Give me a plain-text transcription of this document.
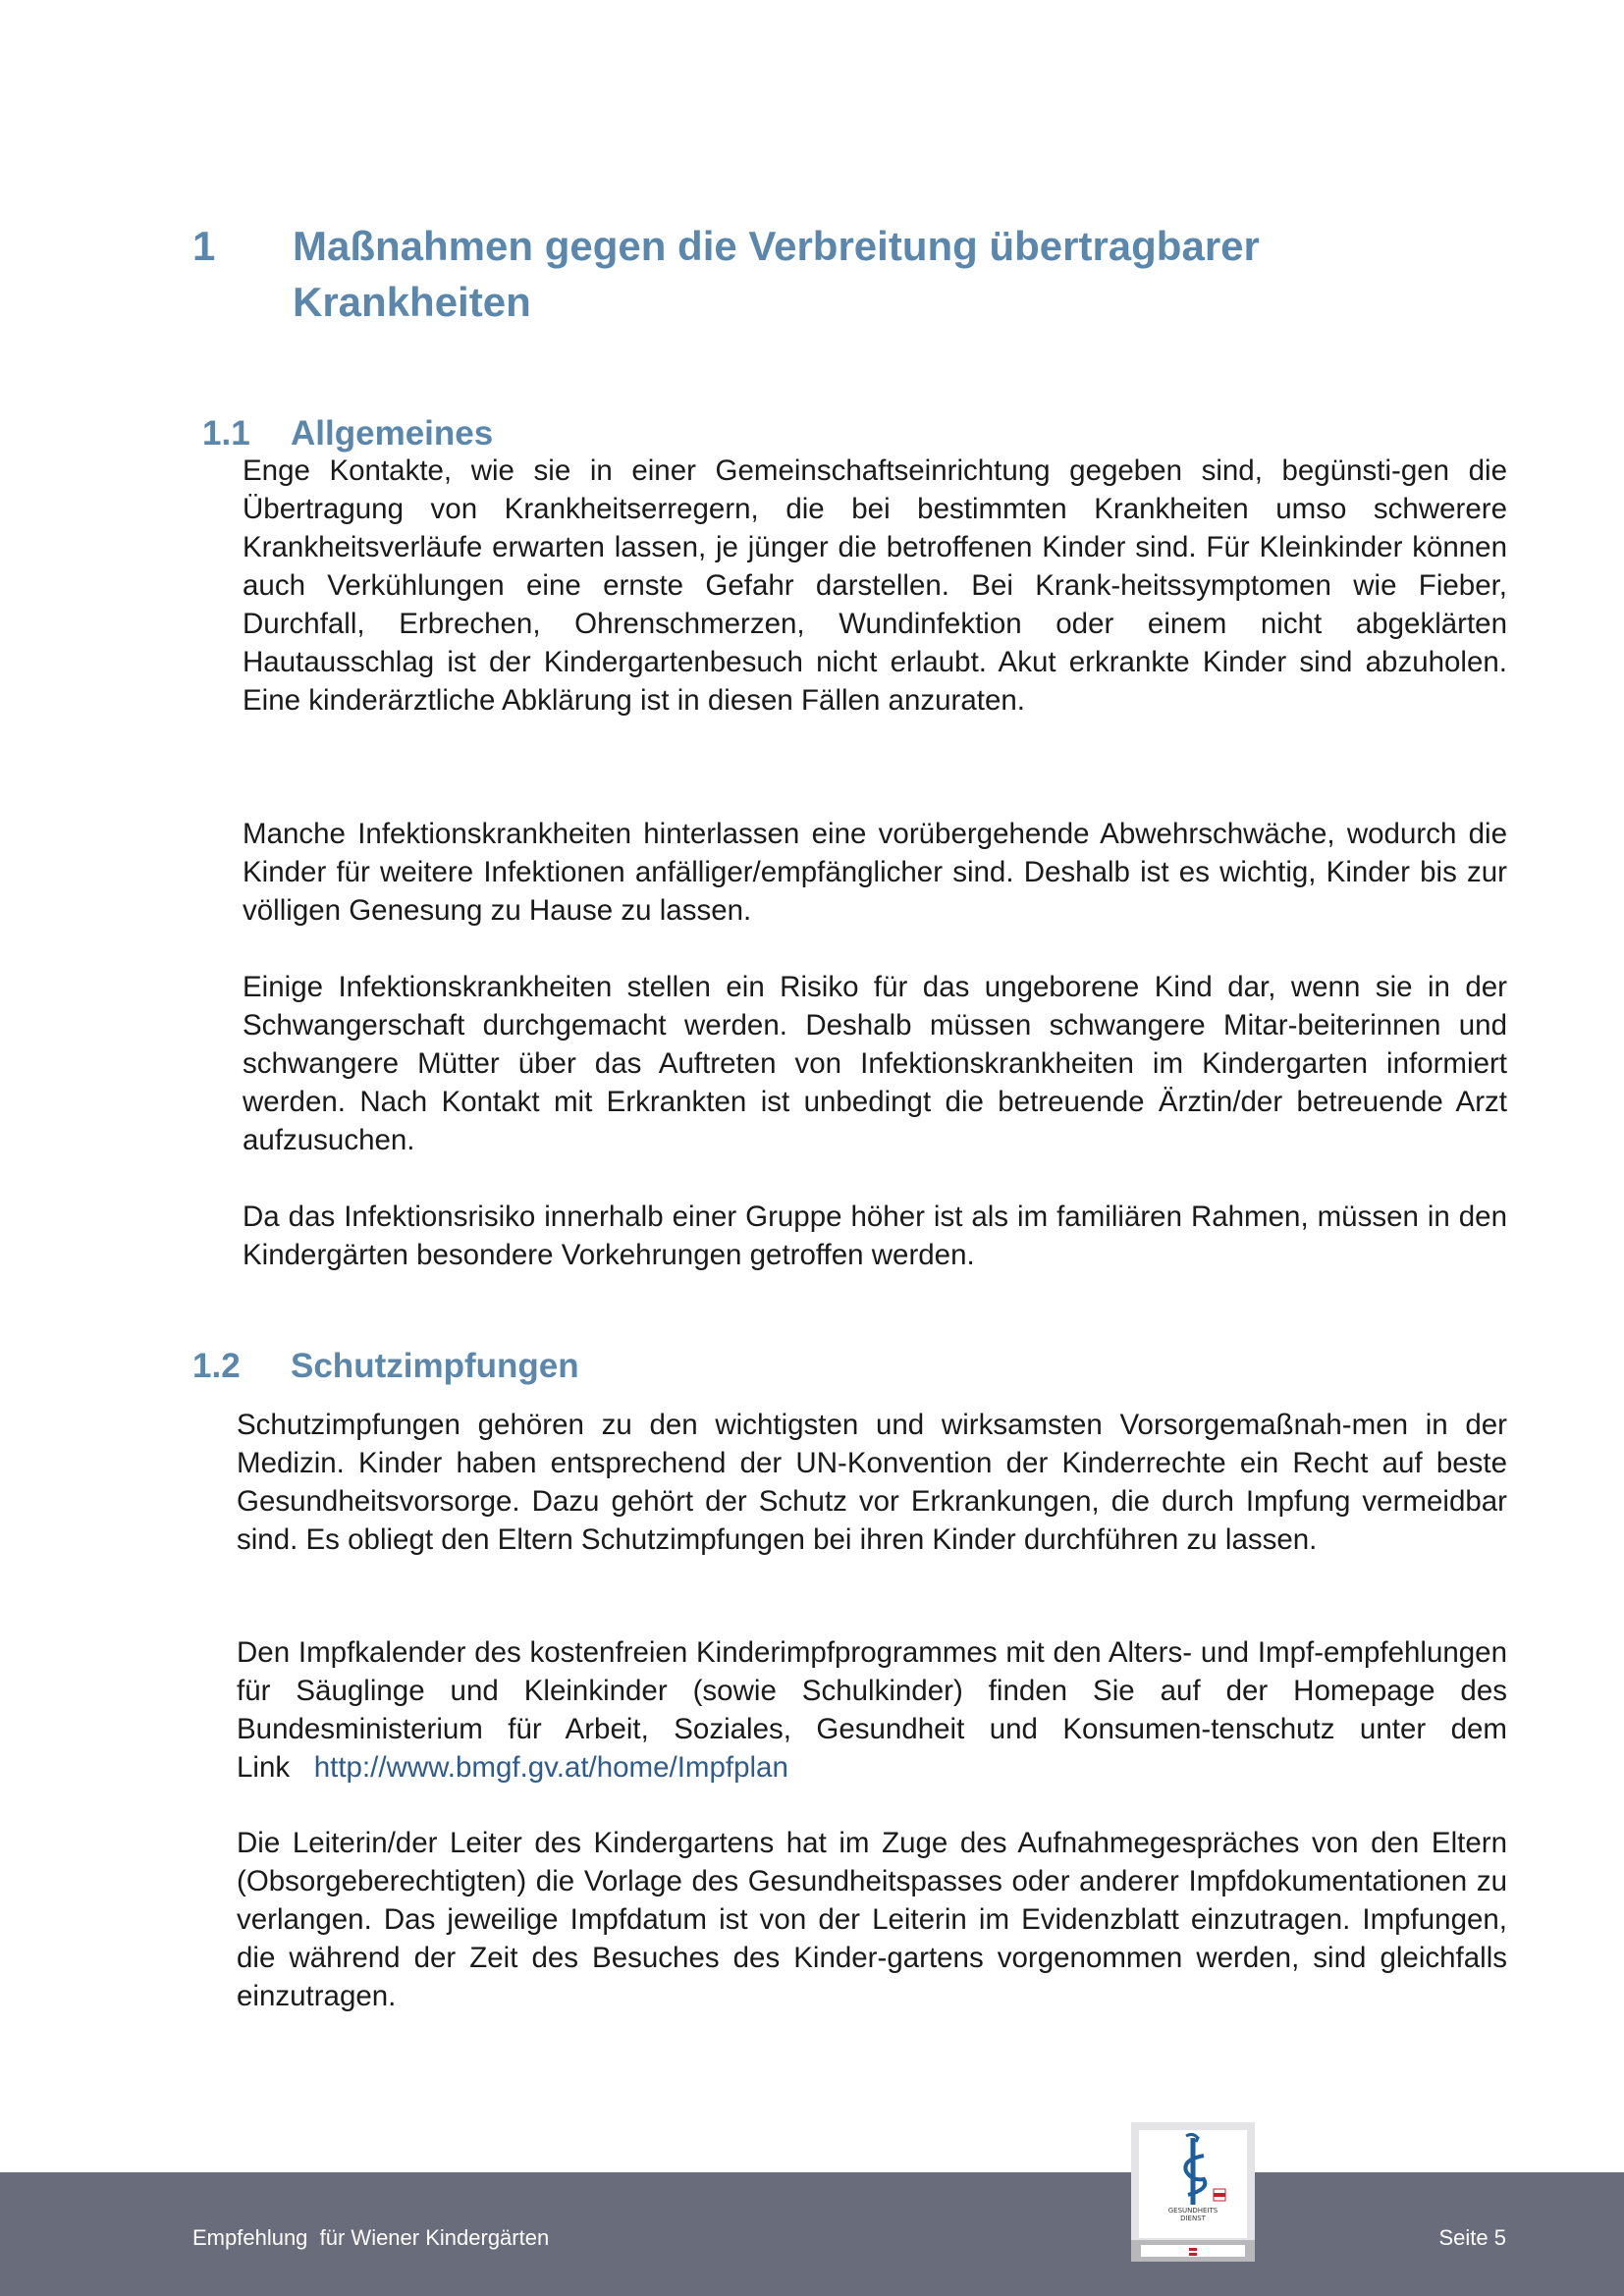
1 Maßnahmen gegen die Verbreitung übertragbarer Krankheiten
1.1 Allgemeines

Enge Kontakte, wie sie in einer Gemeinschaftseinrichtung gegeben sind, begünsti-gen die Übertragung von Krankheitserregern, die bei bestimmten Krankheiten umso schwerere Krankheitsverläufe erwarten lassen, je jünger die betroffenen Kinder sind. Für Kleinkinder können auch Verkühlungen eine ernste Gefahr darstellen. Bei Krank-heitssymptomen wie Fieber, Durchfall, Erbrechen, Ohrenschmerzen, Wundinfektion oder einem nicht abgeklärten Hautausschlag ist der Kindergartenbesuch nicht erlaubt. Akut erkrankte Kinder sind abzuholen. Eine kinderärztliche Abklärung ist in diesen Fällen anzuraten.

Manche Infektionskrankheiten hinterlassen eine vorübergehende Abwehrschwäche, wodurch die Kinder für weitere Infektionen anfälliger/empfänglicher sind. Deshalb ist es wichtig, Kinder bis zur völligen Genesung zu Hause zu lassen.

Einige Infektionskrankheiten stellen ein Risiko für das ungeborene Kind dar, wenn sie in der Schwangerschaft durchgemacht werden. Deshalb müssen schwangere Mitar-beiterinnen und schwangere Mütter über das Auftreten von Infektionskrankheiten im Kindergarten informiert werden. Nach Kontakt mit Erkrankten ist unbedingt die betreuende Ärztin/der betreuende Arzt aufzusuchen.

Da das Infektionsrisiko innerhalb einer Gruppe höher ist als im familiären Rahmen, müssen in den Kindergärten besondere Vorkehrungen getroffen werden.

1.2 Schutzimpfungen

Schutzimpfungen gehören zu den wichtigsten und wirksamsten Vorsorgemaßnah-men in der Medizin. Kinder haben entsprechend der UN-Konvention der Kinderrechte ein Recht auf beste Gesundheitsvorsorge. Dazu gehört der Schutz vor Erkrankungen, die durch Impfung vermeidbar sind. Es obliegt den Eltern Schutzimpfungen bei ihren Kinder durchführen zu lassen.

Den Impfkalender des kostenfreien Kinderimpfprogrammes mit den Alters- und Impf-empfehlungen für Säuglinge und Kleinkinder (sowie Schulkinder) finden Sie auf der Homepage des Bundesministerium für Arbeit, Soziales, Gesundheit und Konsumen-tenschutz unter dem Link http://www.bmgf.gv.at/home/Impfplan

Die Leiterin/der Leiter des Kindergartens hat im Zuge des Aufnahmegespräches von den Eltern (Obsorgeberechtigten) die Vorlage des Gesundheitspasses oder anderer Impfdokumentationen zu verlangen. Das jeweilige Impfdatum ist von der Leiterin im Evidenzblatt einzutragen. Impfungen, die während der Zeit des Besuches des Kinder-gartens vorgenommen werden, sind gleichfalls einzutragen.

Empfehlung  für Wiener Kindergärten	Seite 5
GESUNDHEITS
DIENST
